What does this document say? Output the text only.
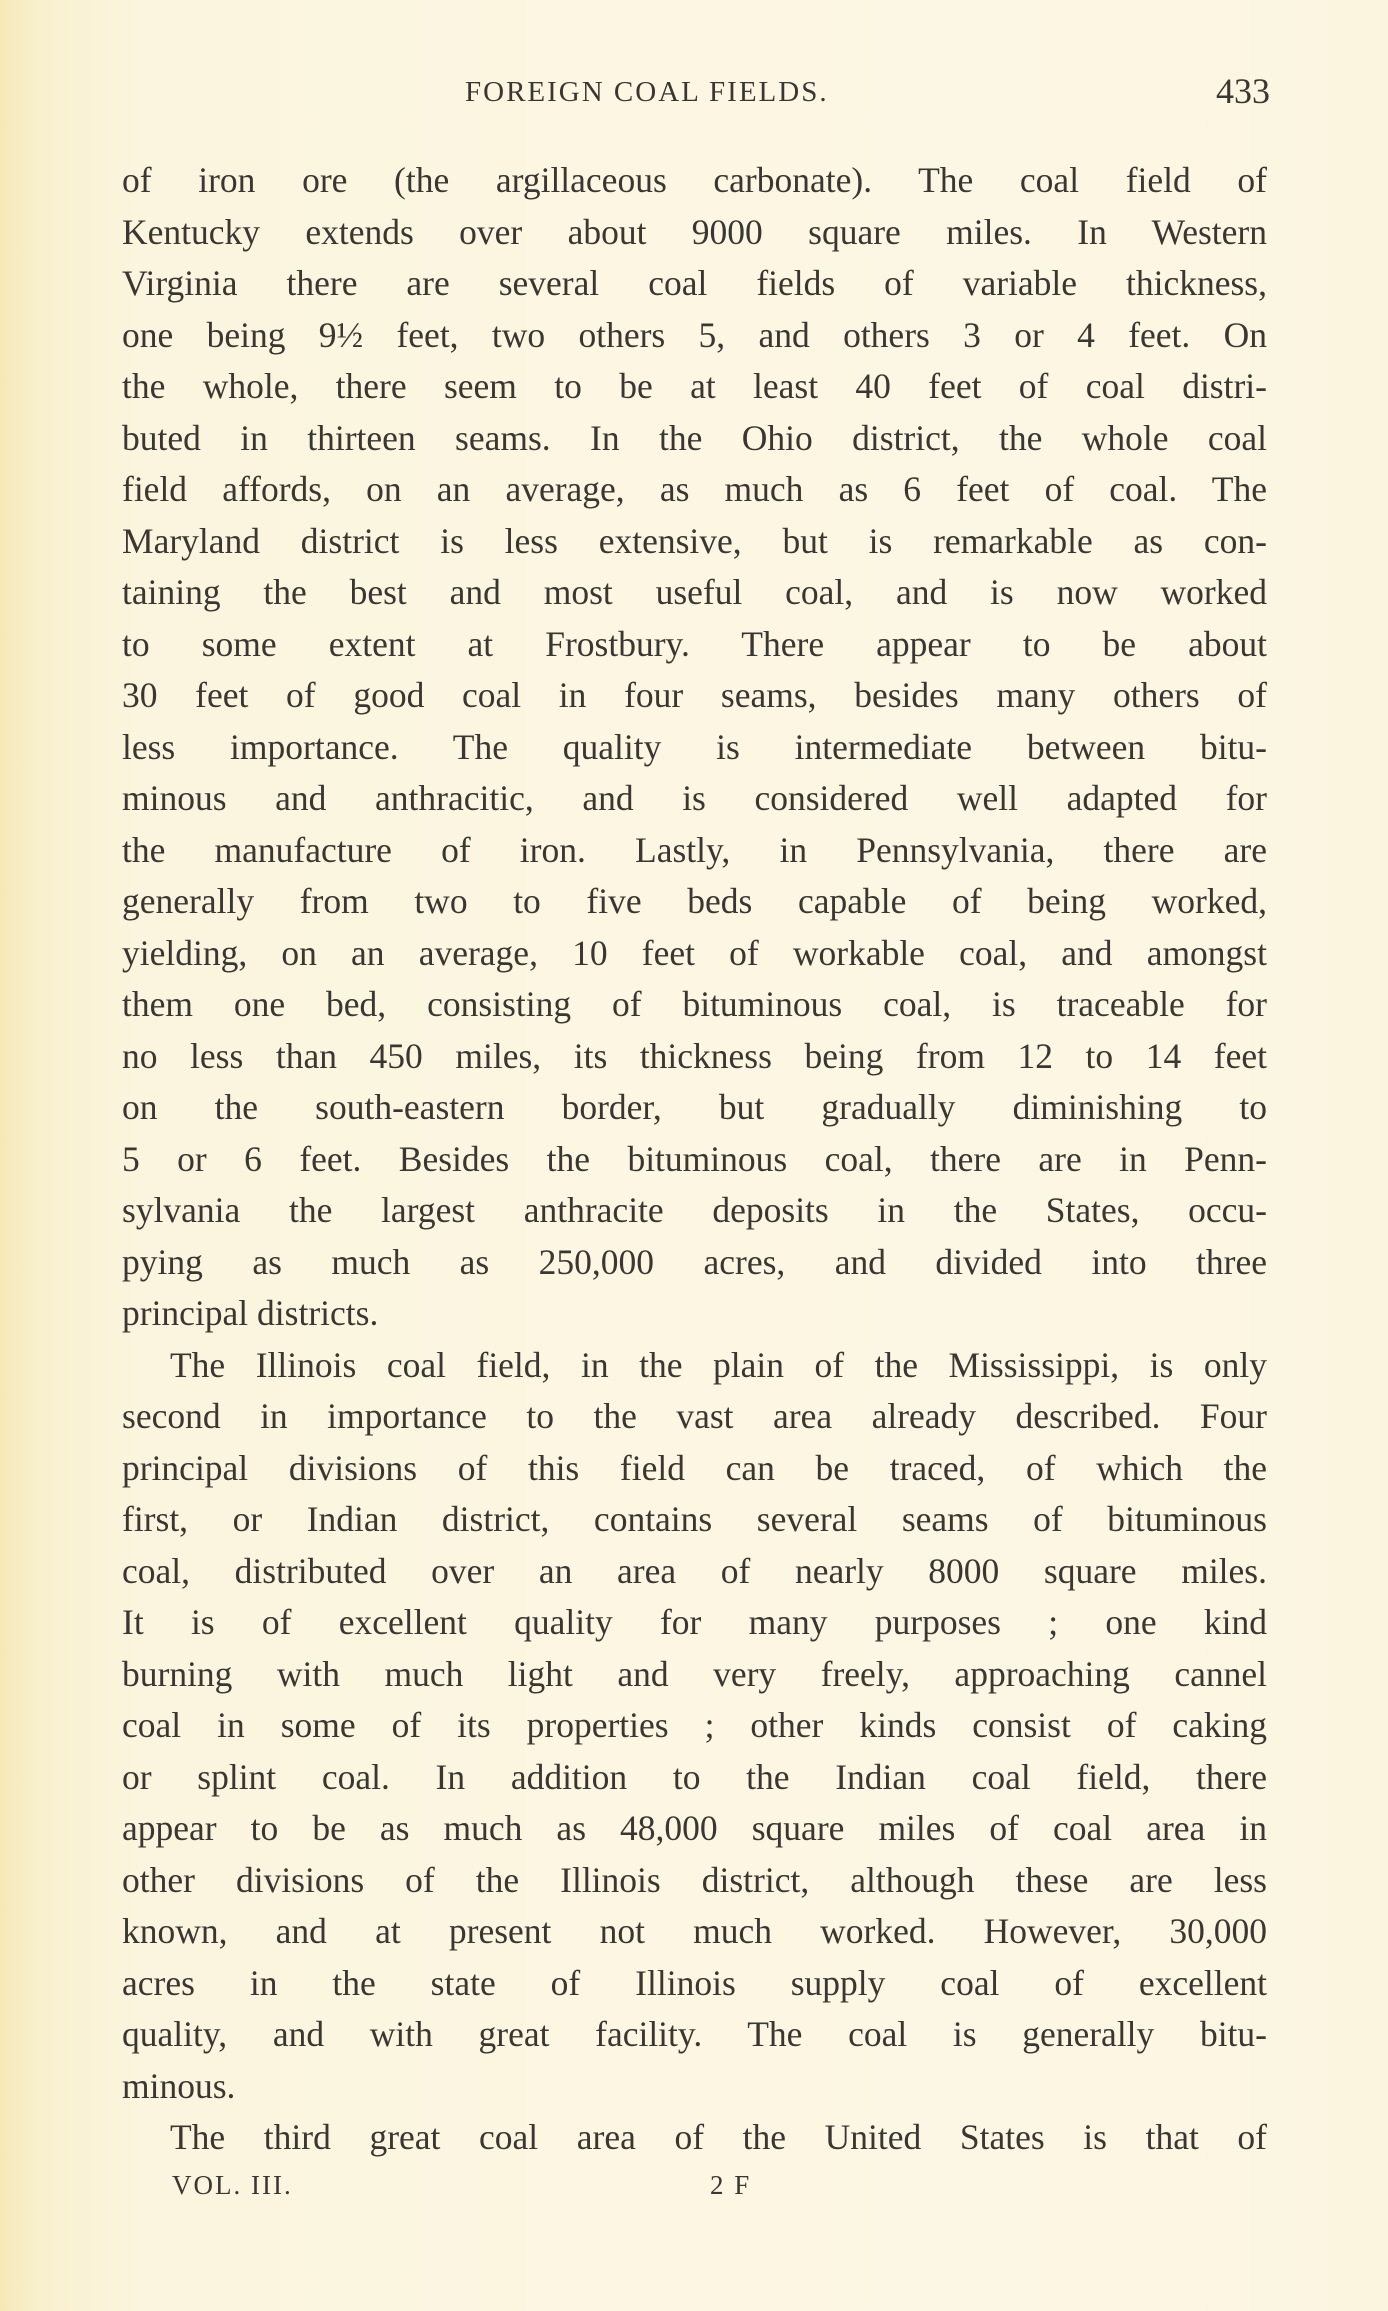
FOREIGN COAL FIELDS.	433
of iron ore (the argillaceous carbonate). The coal field of
Kentucky extends over about 9000 square miles. In Western
Virginia there are several coal fields of variable thickness,
one being 9½ feet, two others 5, and others 3 or 4 feet. On
the whole, there seem to be at least 40 feet of coal distri-
buted in thirteen seams. In the Ohio district, the whole coal
field affords, on an average, as much as 6 feet of coal. The
Maryland district is less extensive, but is remarkable as con-
taining the best and most useful coal, and is now worked
to some extent at Frostbury. There appear to be about
30 feet of good coal in four seams, besides many others of
less importance. The quality is intermediate between bitu-
minous and anthracitic, and is considered well adapted for
the manufacture of iron. Lastly, in Pennsylvania, there are
generally from two to five beds capable of being worked,
yielding, on an average, 10 feet of workable coal, and amongst
them one bed, consisting of bituminous coal, is traceable for
no less than 450 miles, its thickness being from 12 to 14 feet
on the south-eastern border, but gradually diminishing to
5 or 6 feet. Besides the bituminous coal, there are in Penn-
sylvania the largest anthracite deposits in the States, occu-
pying as much as 250,000 acres, and divided into three
principal districts.
The Illinois coal field, in the plain of the Mississippi, is only
second in importance to the vast area already described. Four
principal divisions of this field can be traced, of which the
first, or Indian district, contains several seams of bituminous
coal, distributed over an area of nearly 8000 square miles.
It is of excellent quality for many purposes ; one kind
burning with much light and very freely, approaching cannel
coal in some of its properties ; other kinds consist of caking
or splint coal. In addition to the Indian coal field, there
appear to be as much as 48,000 square miles of coal area in
other divisions of the Illinois district, although these are less
known, and at present not much worked. However, 30,000
acres in the state of Illinois supply coal of excellent
quality, and with great facility. The coal is generally bitu-
minous.
The third great coal area of the United States is that of
VOL. III.	2 F
